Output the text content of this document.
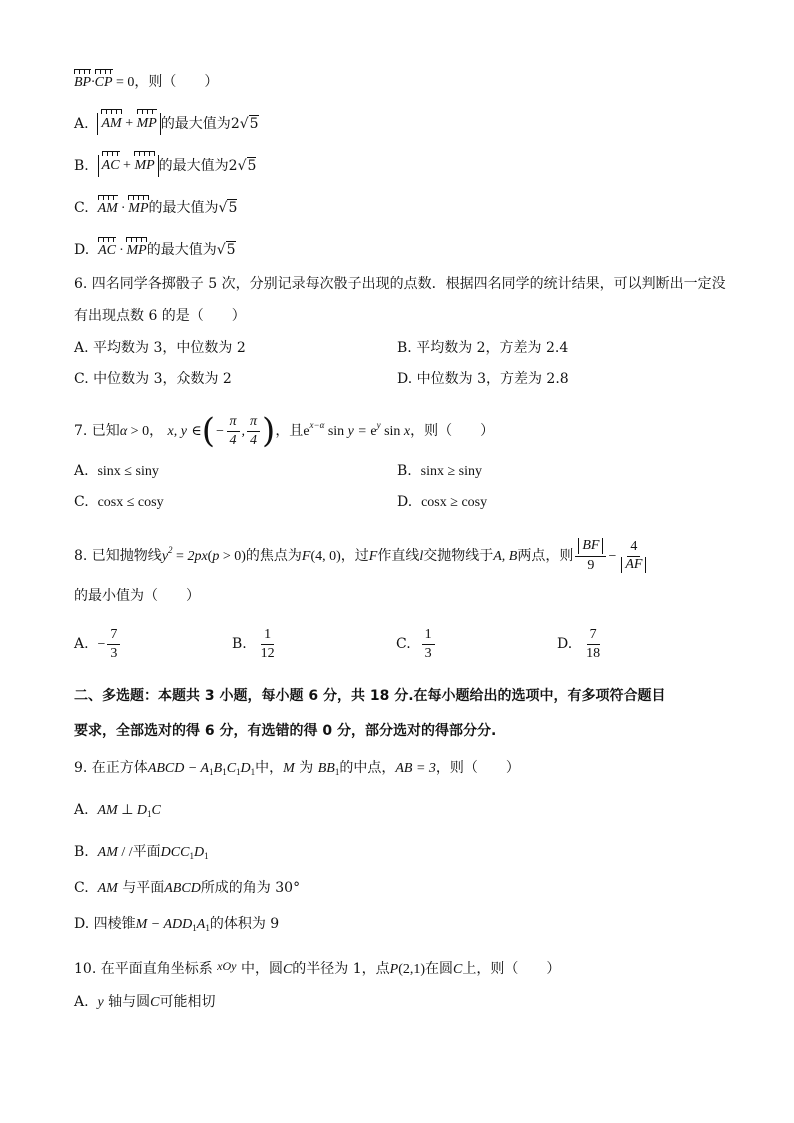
BP·CP = 0，则（　　）
A. AM + MP 的最大值为2√5
B. AC + MP 的最大值为2√5
C. AM · MP的最大值为√5
D. AC · MP的最大值为√5
6. 四名同学各掷骰子 5 次，分别记录每次骰子出现的点数．根据四名同学的统计结果，可以判断出一定没
有出现点数 6 的是（　　）
A. 平均数为 3，中位数为 2	B. 平均数为 2，方差为 2.4
C. 中位数为 3，众数为 2	D. 中位数为 3，方差为 2.8
7. 已知α > 0， x, y ∈(− $\frac{\pi}{4}$ , $\frac{\pi}{4}$ )，且$e^{x-\alpha}$ $\sin y = e^y$ sin x，则（　　）
A. sinx ≤ siny	B. sinx ≥ siny
C. cosx ≤ cosy	D. cosx ≥ cosy
8. 已知抛物线$y^2 = 2px(p > 0)$的焦点为F(4, 0)，过F作直线l交抛物线于A, B两点，则 $\frac{BF}{9} - \frac{4}{AF}$
的最小值为（　　）
A. − $\frac{7}{3}$	B. $\frac{1}{12}$	C. $\frac{1}{3}$	D. $\frac{7}{18}$
二、多选题：本题共 3 小题，每小题 6 分，共 18 分.在每小题给出的选项中，有多项符合题目
要求，全部选对的得 6 分，有选错的得 0 分，部分选对的得部分分.
9. 在正方体ABCD − $A_1B_1C_1D_1$中，M 为 $BB_1$的中点，AB = 3，则（　　）
A. AM ⊥ $D_1C$
B. AM / /平面$DCC_1D_1$
C. AM 与平面ABCD所成的角为 30°
D. 四棱锥$M - ADD_1A_1$的体积为 9
10. 在平面直角坐标系 xOy 中，圆C的半径为 1，点P(2,1)在圆C上，则（　　）
A. y 轴与圆C可能相切
